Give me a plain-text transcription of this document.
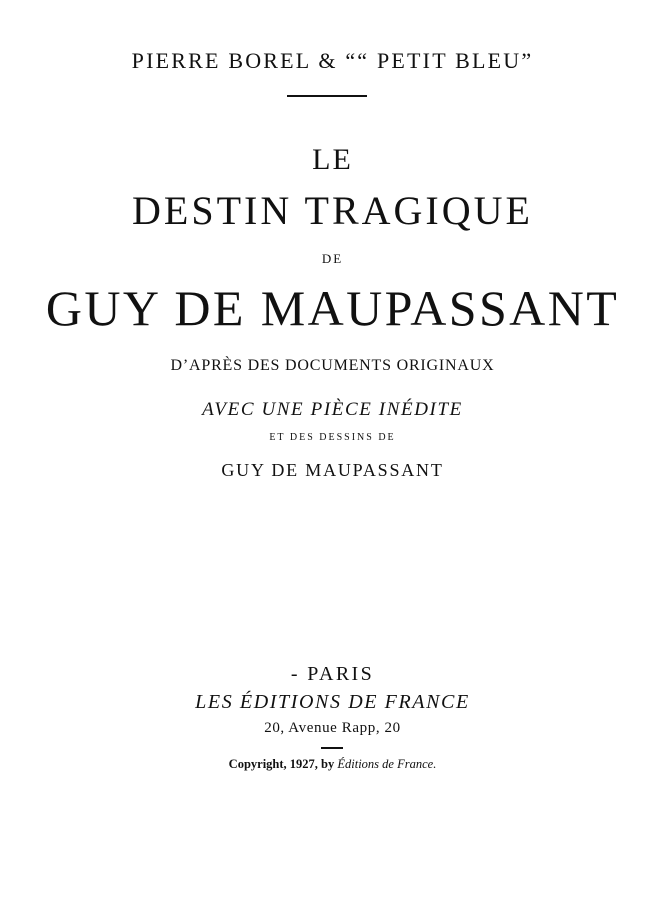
PIERRE BOREL & ““ PETIT BLEU”
LE
DESTIN TRAGIQUE
DE
GUY DE MAUPASSANT
D’APRÈS DES DOCUMENTS ORIGINAUX
AVEC UNE PIÈCE INÉDITE
ET DES DESSINS DE
GUY DE MAUPASSANT
- PARIS
LES ÉDITIONS DE FRANCE
20, Avenue Rapp, 20
Copyright, 1927, by Éditions de France.
